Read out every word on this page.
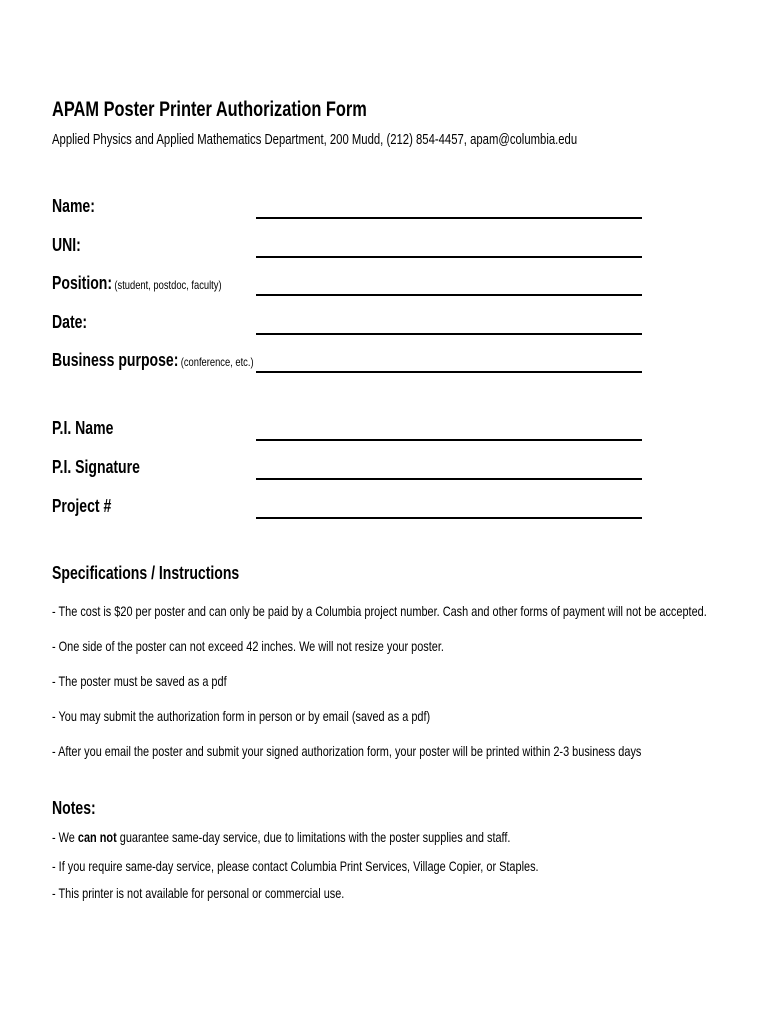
APAM Poster Printer Authorization Form
Applied Physics and Applied Mathematics Department, 200 Mudd, (212) 854-4457, apam@columbia.edu
Name:
UNI:
Position: (student, postdoc, faculty)
Date:
Business purpose: (conference, etc.)
P.I. Name
P.I. Signature
Project #
Specifications / Instructions
- The cost is $20 per poster and can only be paid by a Columbia project number. Cash and other forms of payment will not be accepted.
- One side of the poster can not exceed 42 inches. We will not resize your poster.
- The poster must be saved as a pdf
- You may submit the authorization form in person or by email (saved as a pdf)
- After you email the poster and submit your signed authorization form, your poster will be printed within 2-3 business days
Notes:
- We can not guarantee same-day service, due to limitations with the poster supplies and staff.
- If you require same-day service, please contact Columbia Print Services, Village Copier, or Staples.
- This printer is not available for personal or commercial use.
